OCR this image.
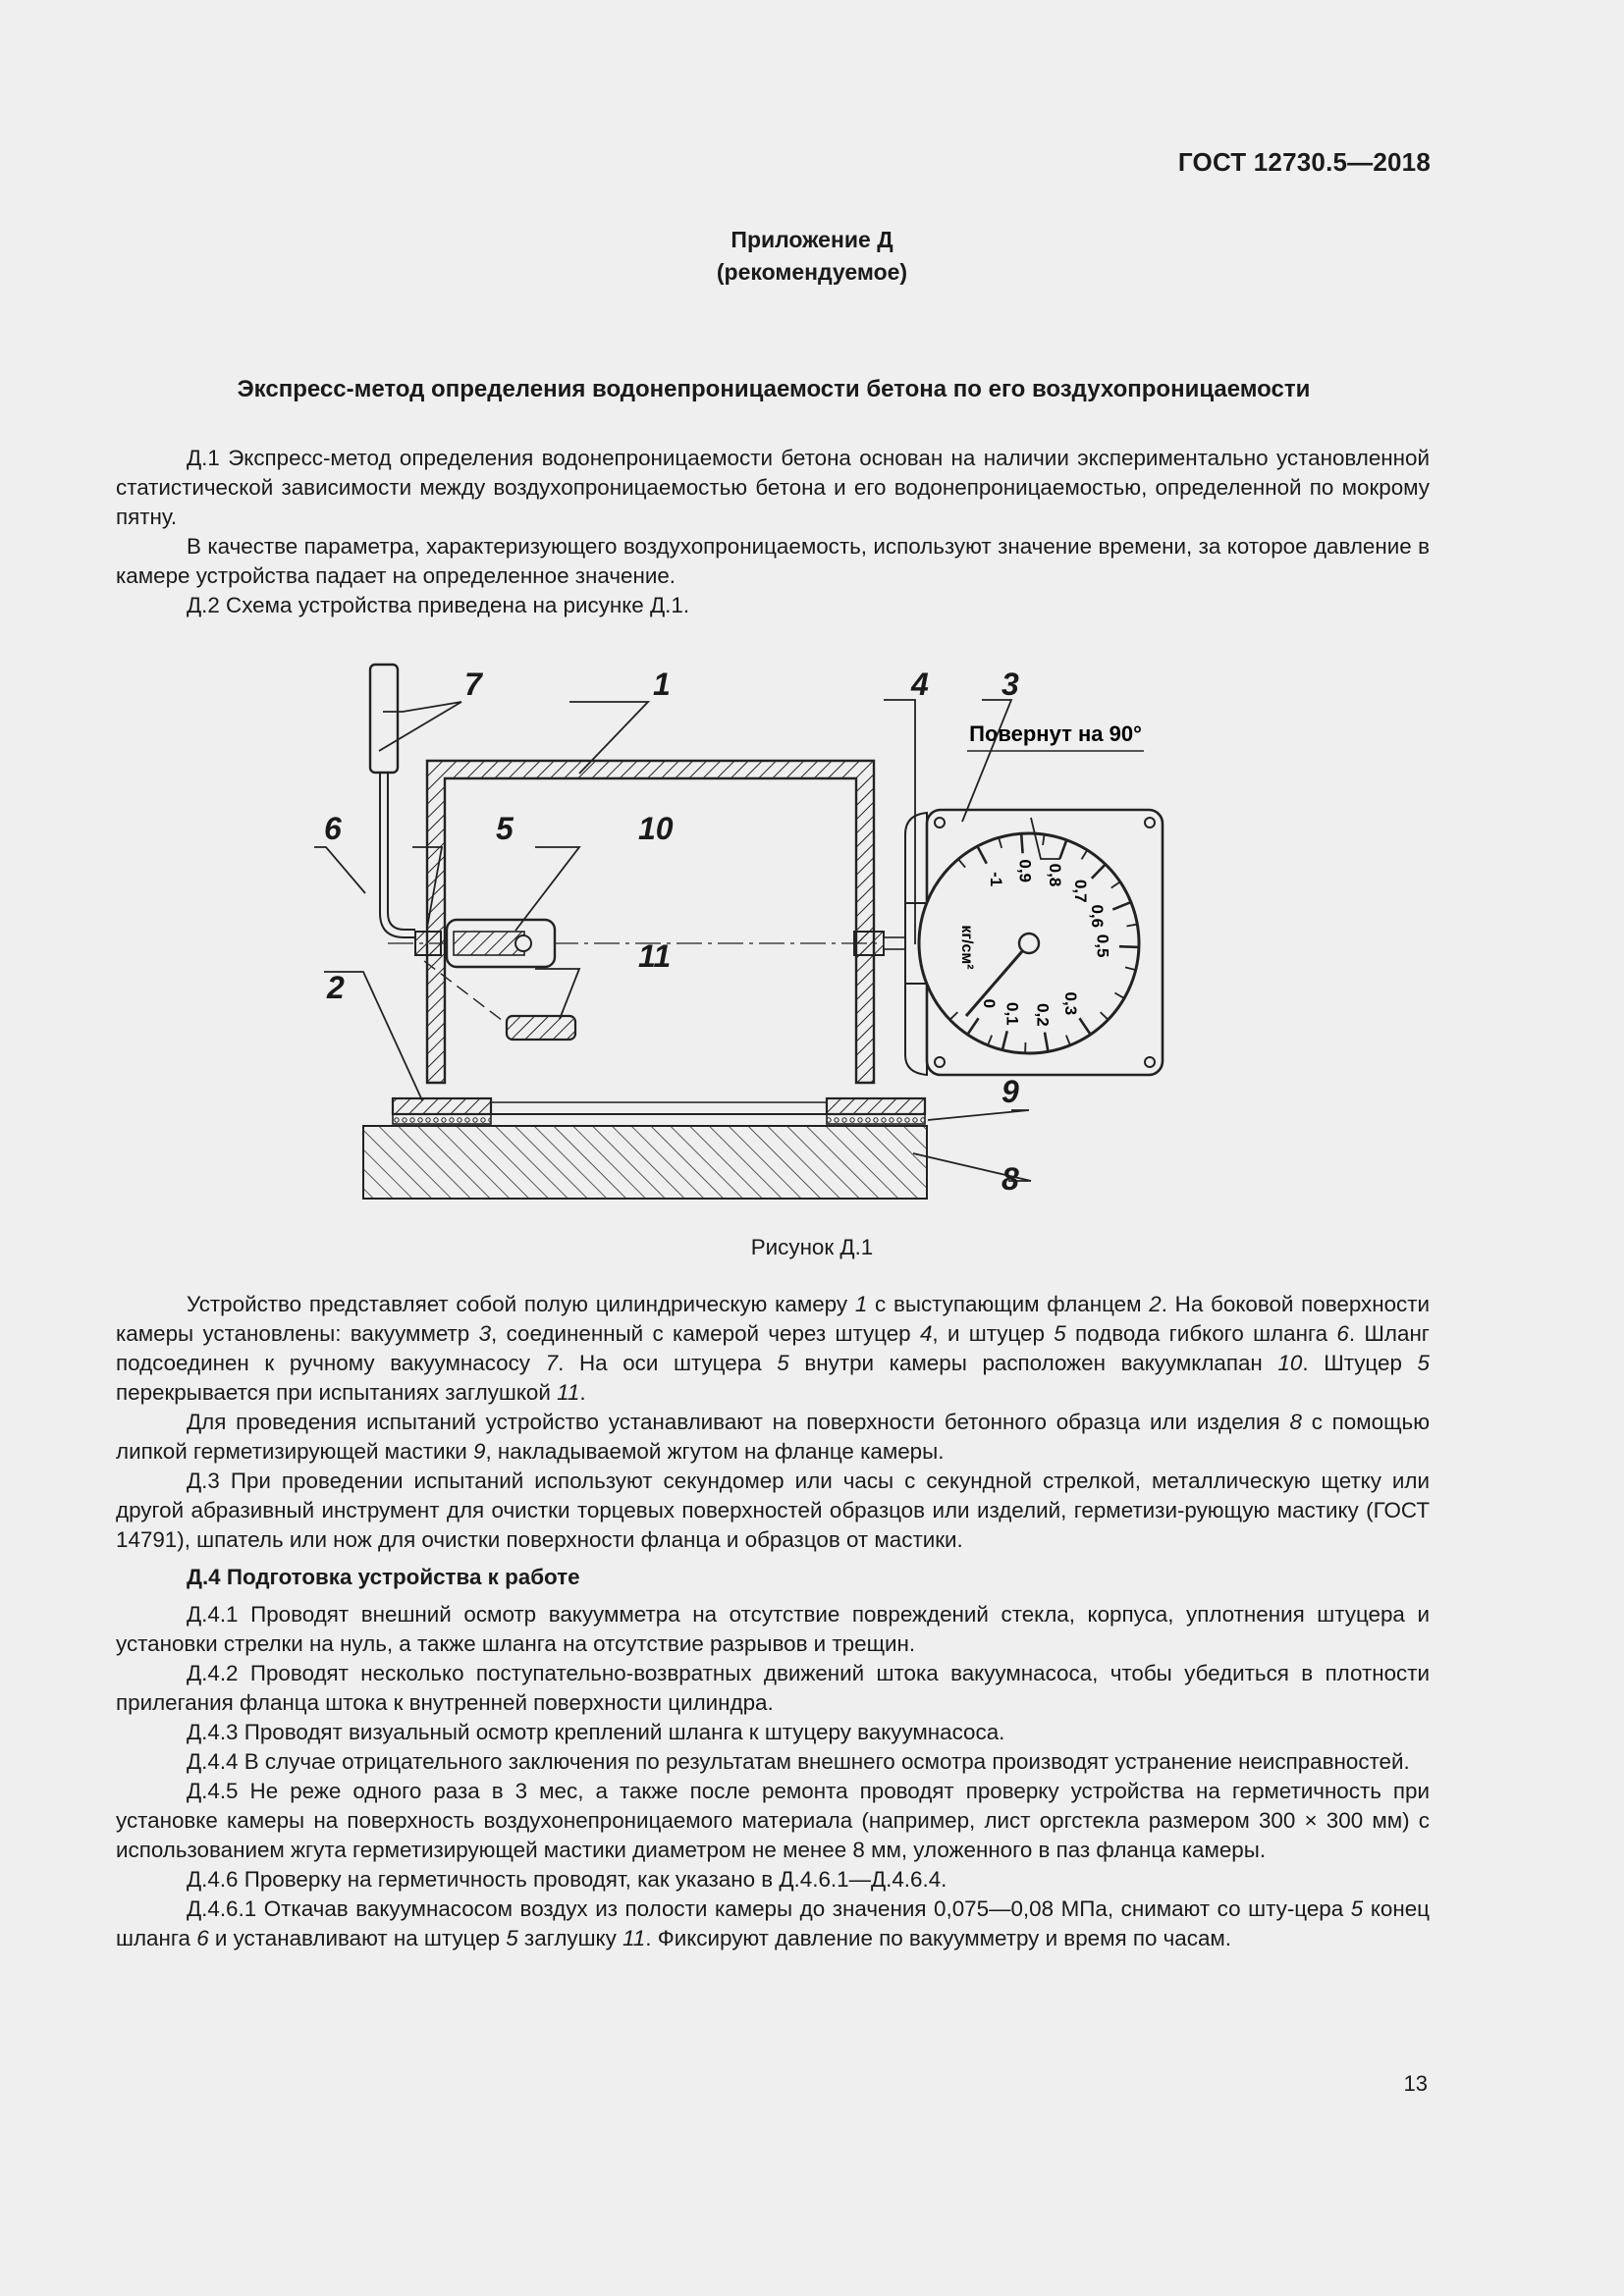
ГОСТ 12730.5—2018
Приложение Д
(рекомендуемое)
Экспресс-метод определения водонепроницаемости бетона по его воздухопроницаемости

Д.1 Экспресс-метод определения водонепроницаемости бетона основан на наличии экспериментально установленной статистической зависимости между воздухопроницаемостью бетона и его водонепроницаемостью, определенной по мокрому пятну.

В качестве параметра, характеризующего воздухопроницаемость, используют значение времени, за которое давление в камере устройства падает на определенное значение.

Д.2 Схема устройства приведена на рисунке Д.1.

0 0,1 0,2 0,3
0,5
0,6
0,7
0,8
0,9
-1
кг/см²
Повернут на 90°
7	1	4 3
6	5	10
11
2
9
8
Рисунок Д.1

Устройство представляет собой полую цилиндрическую камеру 1 с выступающим фланцем 2. На боковой поверхности камеры установлены: вакуумметр 3, соединенный с камерой через штуцер 4, и штуцер 5 подвода гибкого шланга 6. Шланг подсоединен к ручному вакуумнасосу 7. На оси штуцера 5 внутри камеры расположен вакуумклапан 10. Штуцер 5 перекрывается при испытаниях заглушкой 11.

Для проведения испытаний устройство устанавливают на поверхности бетонного образца или изделия 8 с помощью липкой герметизирующей мастики 9, накладываемой жгутом на фланце камеры.

Д.3 При проведении испытаний используют секундомер или часы с секундной стрелкой, металлическую щетку или другой абразивный инструмент для очистки торцевых поверхностей образцов или изделий, герметизи-рующую мастику (ГОСТ 14791), шпатель или нож для очистки поверхности фланца и образцов от мастики.

Д.4 Подготовка устройства к работе

Д.4.1 Проводят внешний осмотр вакуумметра на отсутствие повреждений стекла, корпуса, уплотнения штуцера и установки стрелки на нуль, а также шланга на отсутствие разрывов и трещин.

Д.4.2 Проводят несколько поступательно-возвратных движений штока вакуумнасоса, чтобы убедиться в плотности прилегания фланца штока к внутренней поверхности цилиндра.

Д.4.3 Проводят визуальный осмотр креплений шланга к штуцеру вакуумнасоса.

Д.4.4 В случае отрицательного заключения по результатам внешнего осмотра производят устранение неисправностей.

Д.4.5 Не реже одного раза в 3 мес, а также после ремонта проводят проверку устройства на герметичность при установке камеры на поверхность воздухонепроницаемого материала (например, лист оргстекла размером 300 × 300 мм) с использованием жгута герметизирующей мастики диаметром не менее 8 мм, уложенного в паз фланца камеры.

Д.4.6 Проверку на герметичность проводят, как указано в Д.4.6.1—Д.4.6.4.

Д.4.6.1 Откачав вакуумнасосом воздух из полости камеры до значения 0,075—0,08 МПа, снимают со шту-цера 5 конец шланга 6 и устанавливают на штуцер 5 заглушку 11. Фиксируют давление по вакуумметру и время по часам.

13
